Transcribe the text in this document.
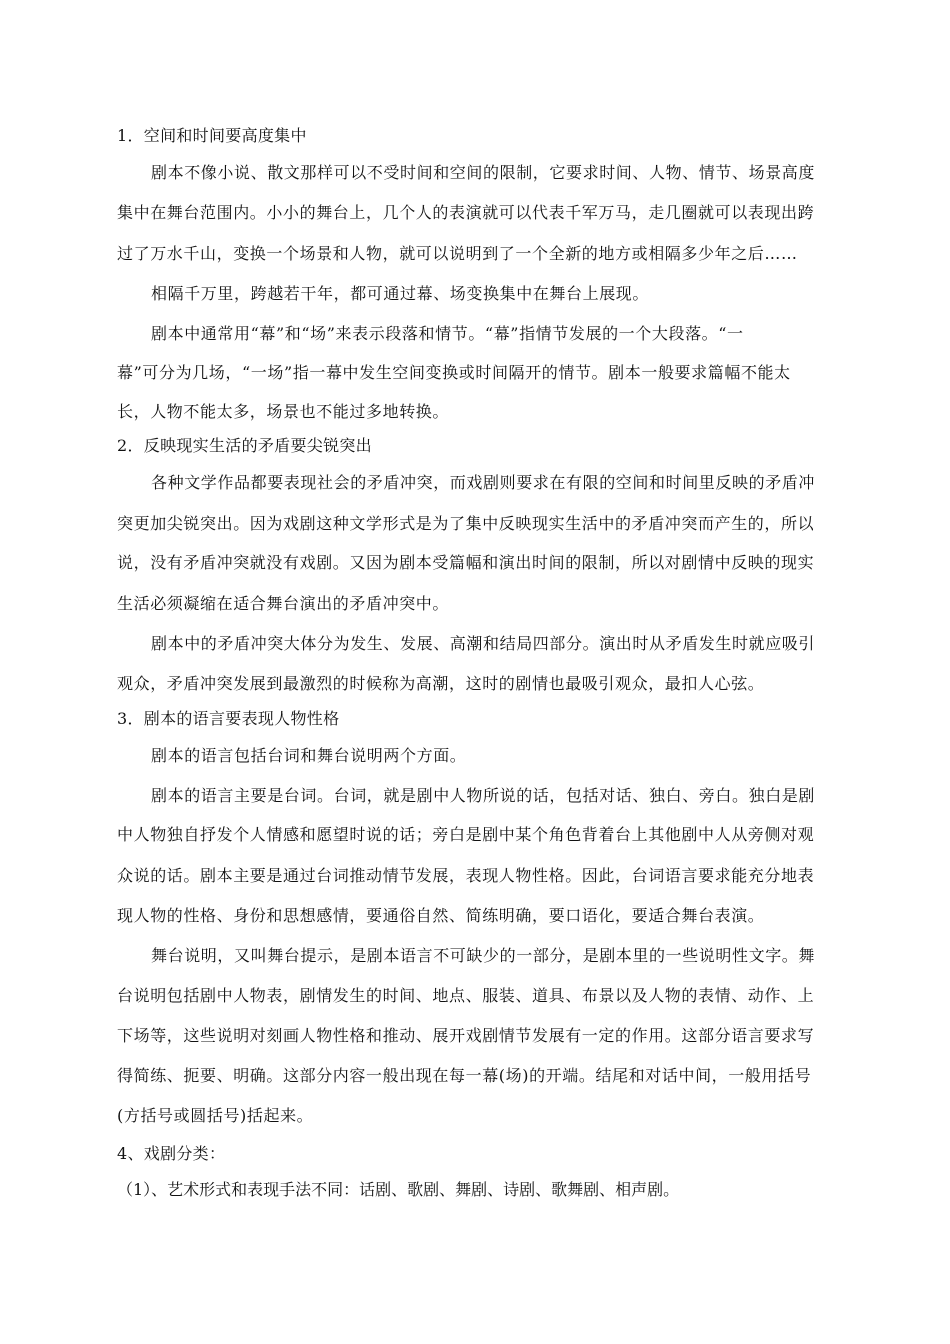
1．空间和时间要高度集中
剧本不像小说、散文那样可以不受时间和空间的限制，它要求时间、人物、情节、场景高度
集中在舞台范围内。小小的舞台上，几个人的表演就可以代表千军万马，走几圈就可以表现出跨
过了万水千山，变换一个场景和人物，就可以说明到了一个全新的地方或相隔多少年之后……
相隔千万里，跨越若干年，都可通过幕、场变换集中在舞台上展现。
剧本中通常用“幕”和“场”来表示段落和情节。“幕”指情节发展的一个大段落。“一
幕”可分为几场，“一场”指一幕中发生空间变换或时间隔开的情节。剧本一般要求篇幅不能太
长，人物不能太多，场景也不能过多地转换。
2．反映现实生活的矛盾要尖锐突出
各种文学作品都要表现社会的矛盾冲突，而戏剧则要求在有限的空间和时间里反映的矛盾冲
突更加尖锐突出。因为戏剧这种文学形式是为了集中反映现实生活中的矛盾冲突而产生的，所以
说，没有矛盾冲突就没有戏剧。又因为剧本受篇幅和演出时间的限制，所以对剧情中反映的现实
生活必须凝缩在适合舞台演出的矛盾冲突中。
剧本中的矛盾冲突大体分为发生、发展、高潮和结局四部分。演出时从矛盾发生时就应吸引
观众，矛盾冲突发展到最激烈的时候称为高潮，这时的剧情也最吸引观众，最扣人心弦。
3．剧本的语言要表现人物性格
剧本的语言包括台词和舞台说明两个方面。
剧本的语言主要是台词。台词，就是剧中人物所说的话，包括对话、独白、旁白。独白是剧
中人物独自抒发个人情感和愿望时说的话；旁白是剧中某个角色背着台上其他剧中人从旁侧对观
众说的话。剧本主要是通过台词推动情节发展，表现人物性格。因此，台词语言要求能充分地表
现人物的性格、身份和思想感情，要通俗自然、简练明确，要口语化，要适合舞台表演。
舞台说明，又叫舞台提示，是剧本语言不可缺少的一部分，是剧本里的一些说明性文字。舞
台说明包括剧中人物表，剧情发生的时间、地点、服装、道具、布景以及人物的表情、动作、上
下场等，这些说明对刻画人物性格和推动、展开戏剧情节发展有一定的作用。这部分语言要求写
得简练、扼要、明确。这部分内容一般出现在每一幕(场)的开端。结尾和对话中间，一般用括号
(方括号或圆括号)括起来。
4、戏剧分类：
（1）、艺术形式和表现手法不同：话剧、歌剧、舞剧、诗剧、歌舞剧、相声剧。
